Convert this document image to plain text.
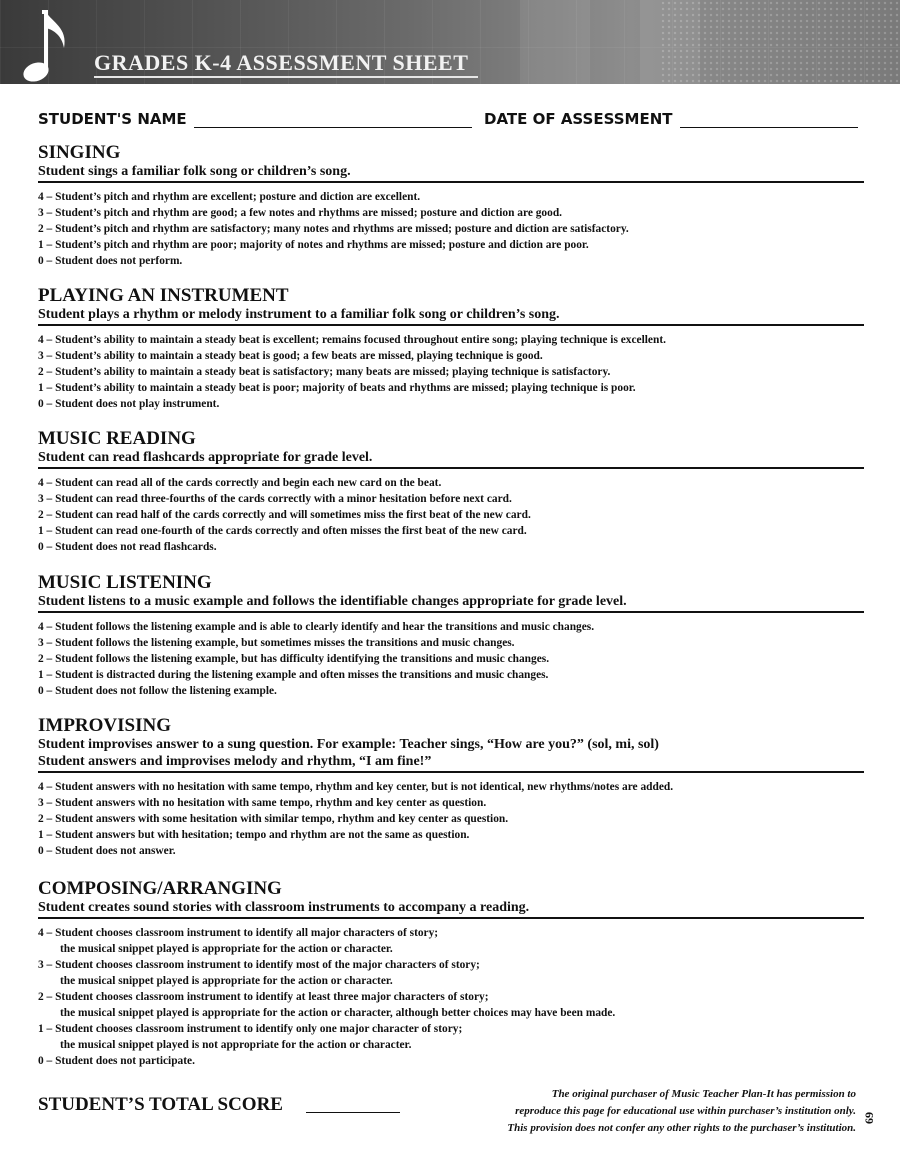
GRADES K-4 ASSESSMENT SHEET
STUDENT'S NAME	DATE OF ASSESSMENT
SINGING
Student sings a familiar folk song or children’s song.
4 – Student’s pitch and rhythm are excellent; posture and diction are excellent.
3 – Student’s pitch and rhythm are good; a few notes and rhythms are missed; posture and diction are good.
2 – Student’s pitch and rhythm are satisfactory; many notes and rhythms are missed; posture and diction are satisfactory.
1 – Student’s pitch and rhythm are poor; majority of notes and rhythms are missed; posture and diction are poor.
0 – Student does not perform.
PLAYING AN INSTRUMENT
Student plays a rhythm or melody instrument to a familiar folk song or children’s song.
4 – Student’s ability to maintain a steady beat is excellent; remains focused throughout entire song; playing technique is excellent.
3 – Student’s ability to maintain a steady beat is good; a few beats are missed, playing technique is good.
2 – Student’s ability to maintain a steady beat is satisfactory; many beats are missed; playing technique is satisfactory.
1 – Student’s ability to maintain a steady beat is poor; majority of beats and rhythms are missed; playing technique is poor.
0 – Student does not play instrument.
MUSIC READING
Student can read flashcards appropriate for grade level.
4 – Student can read all of the cards correctly and begin each new card on the beat.
3 – Student can read three-fourths of the cards correctly with a minor hesitation before next card.
2 – Student can read half of the cards correctly and will sometimes miss the first beat of the new card.
1 – Student can read one-fourth of the cards correctly and often misses the first beat of the new card.
0 – Student does not read flashcards.
MUSIC LISTENING
Student listens to a music example and follows the identifiable changes appropriate for grade level.
4 – Student follows the listening example and is able to clearly identify and hear the transitions and music changes.
3 – Student follows the listening example, but sometimes misses the transitions and music changes.
2 – Student follows the listening example, but has difficulty identifying the transitions and music changes.
1 – Student is distracted during the listening example and often misses the transitions and music changes.
0 – Student does not follow the listening example.
IMPROVISING
Student improvises answer to a sung question. For example: Teacher sings, “How are you?” (sol, mi, sol)
Student answers and improvises melody and rhythm, “I am fine!”
4 – Student answers with no hesitation with same tempo, rhythm and key center, but is not identical, new rhythms/notes are added.
3 – Student answers with no hesitation with same tempo, rhythm and key center as question.
2 – Student answers with some hesitation with similar tempo, rhythm and key center as question.
1 – Student answers but with hesitation; tempo and rhythm are not the same as question.
0 – Student does not answer.
COMPOSING/ARRANGING
Student creates sound stories with classroom instruments to accompany a reading.
4 – Student chooses classroom instrument to identify all major characters of story;
the musical snippet played is appropriate for the action or character.
3 – Student chooses classroom instrument to identify most of the major characters of story;
the musical snippet played is appropriate for the action or character.
2 – Student chooses classroom instrument to identify at least three major characters of story;
the musical snippet played is appropriate for the action or character, although better choices may have been made.
1 – Student chooses classroom instrument to identify only one major character of story;
the musical snippet played is not appropriate for the action or character.
0 – Student does not participate.
STUDENT’S TOTAL SCORE	The original purchaser of Music Teacher Plan-It has permission to
reproduce this page for educational use within purchaser’s institution only.
This provision does not confer any other rights to the purchaser’s institution.
69
